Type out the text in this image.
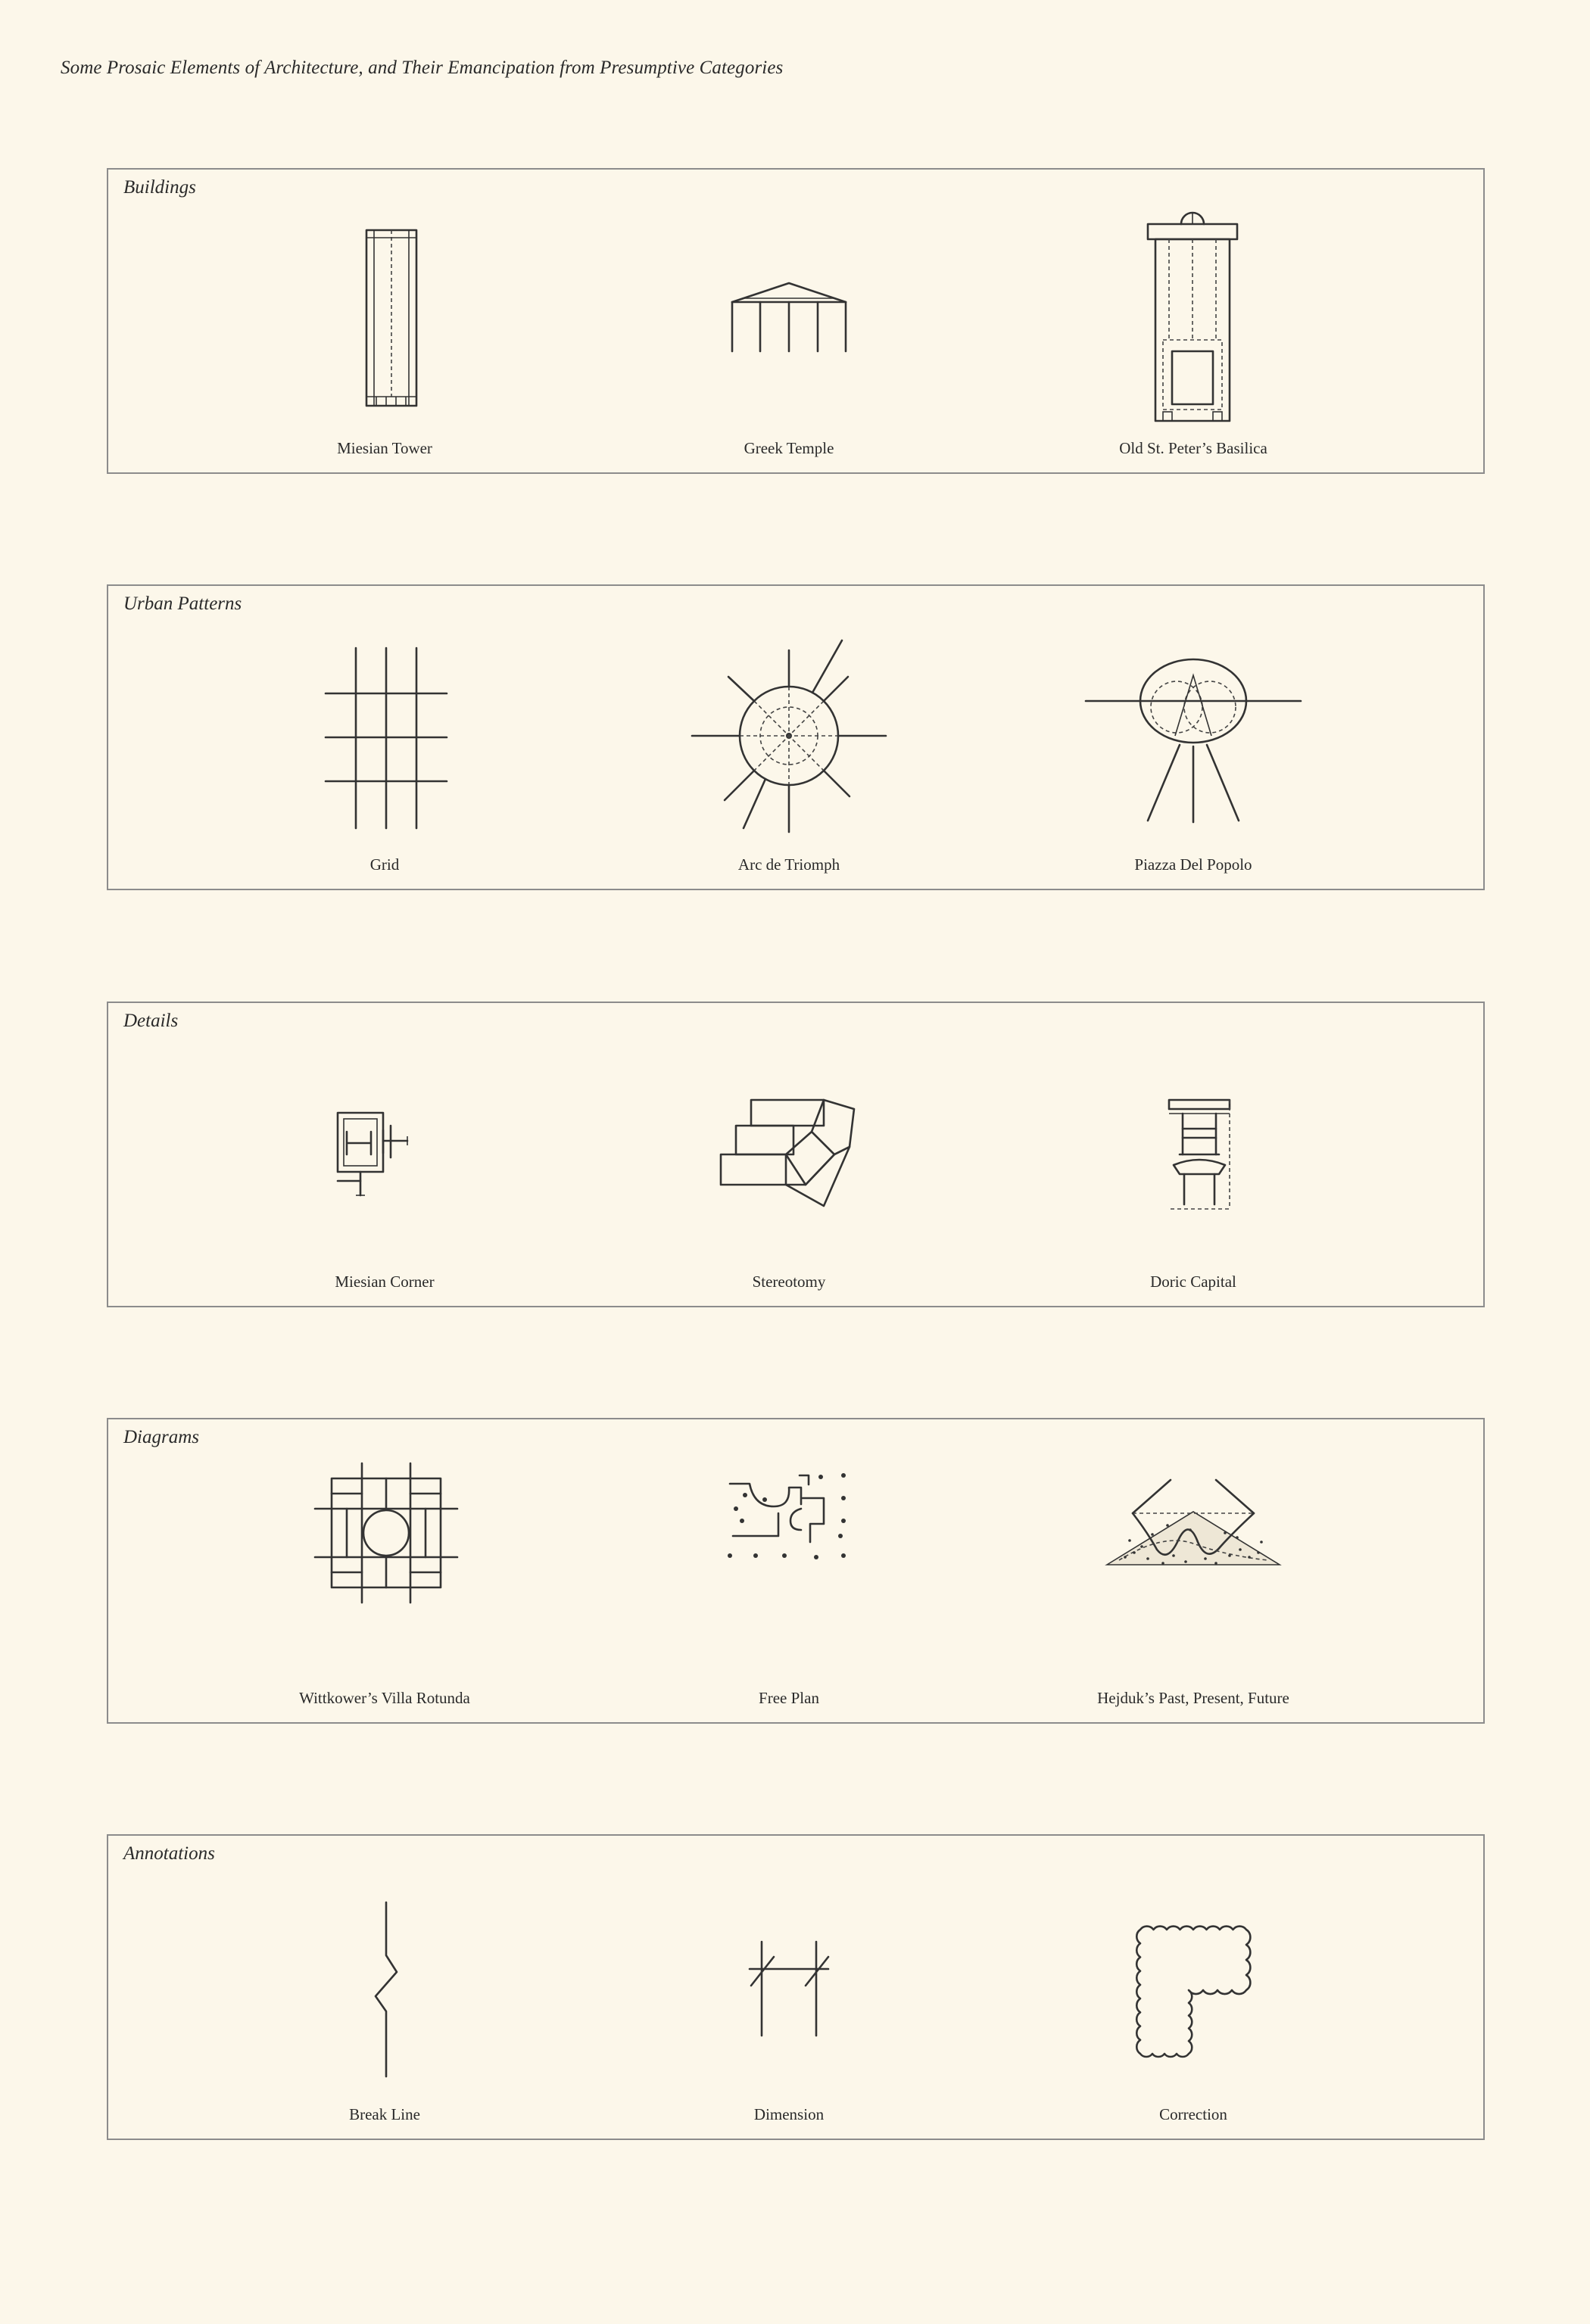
Some Prosaic Elements of Architecture, and Their Emancipation from Presumptive Categories
Buildings
Miesian Tower	Greek Temple	Old St. Peter’s Basilica
Urban Patterns
Grid	Arc de Triomph	Piazza Del Popolo
Details
Miesian Corner	Stereotomy	Doric Capital
Diagrams
Wittkower’s Villa Rotunda	Free Plan	Hejduk’s Past, Present, Future
Annotations
Break Line	Dimension	Correction
